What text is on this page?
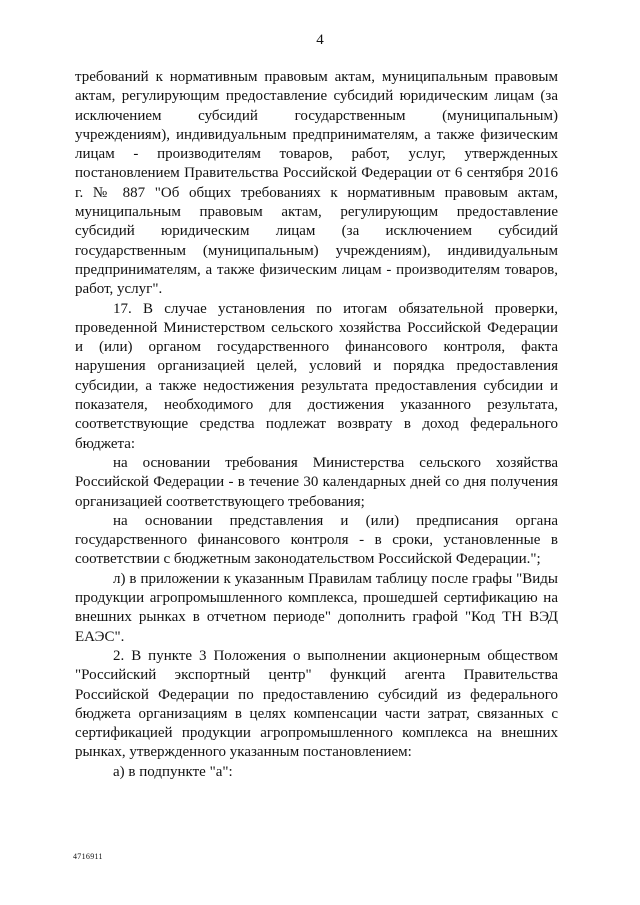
4

требований к нормативным правовым актам, муниципальным правовым актам, регулирующим предоставление субсидий юридическим лицам (за исключением субсидий государственным (муниципальным) учреждениям), индивидуальным предпринимателям, а также физическим лицам - производителям товаров, работ, услуг, утвержденных постановлением Правительства Российской Федерации от 6 сентября 2016 г. № 887 "Об общих требованиях к нормативным правовым актам, муниципальным правовым актам, регулирующим предоставление субсидий юридическим лицам (за исключением субсидий государственным (муниципальным) учреждениям), индивидуальным предпринимателям, а также физическим лицам - производителям товаров, работ, услуг".

17. В случае установления по итогам обязательной проверки, проведенной Министерством сельского хозяйства Российской Федерации и (или) органом государственного финансового контроля, факта нарушения организацией целей, условий и порядка предоставления субсидии, а также недостижения результата предоставления субсидии и показателя, необходимого для достижения указанного результата, соответствующие средства подлежат возврату в доход федерального бюджета:

на основании требования Министерства сельского хозяйства Российской Федерации - в течение 30 календарных дней со дня получения организацией соответствующего требования;

на основании представления и (или) предписания органа государственного финансового контроля - в сроки, установленные в соответствии с бюджетным законодательством Российской Федерации.";

л) в приложении к указанным Правилам таблицу после графы "Виды продукции агропромышленного комплекса, прошедшей сертификацию на внешних рынках в отчетном периоде" дополнить графой "Код ТН ВЭД ЕАЭС".

2. В пункте 3 Положения о выполнении акционерным обществом "Российский экспортный центр" функций агента Правительства Российской Федерации по предоставлению субсидий из федерального бюджета организациям в целях компенсации части затрат, связанных с сертификацией продукции агропромышленного комплекса на внешних рынках, утвержденного указанным постановлением:

а) в подпункте "а":

4716911
